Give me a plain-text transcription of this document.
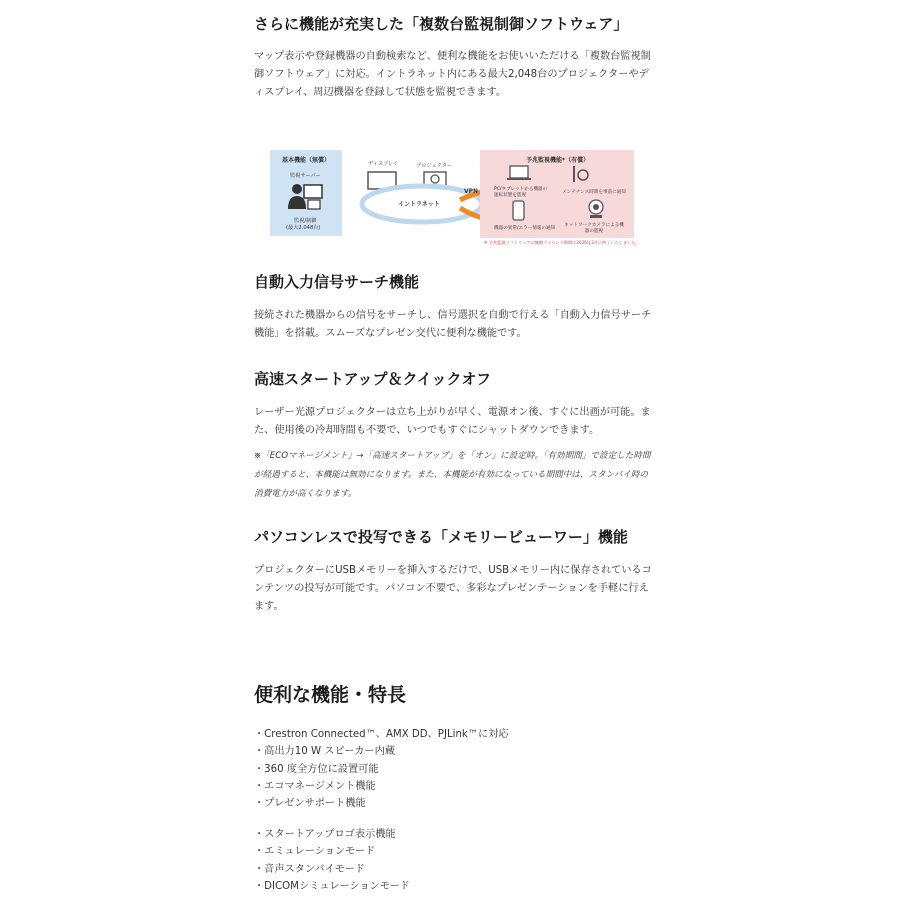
さらに機能が充実した「複数台監視制御ソフトウェア」

マップ表示や登録機器の自動検索など、便利な機能をお使いいただける「複数台監視制御ソフトウェア」に対応。イントラネット内にある最大2,048台のプロジェクターやディスプレイ、周辺機器を登録して状態を監視できます。

基本機能（無償）
監視サーバー
監視/制御
(最大2,048台)
ディスプレイ	プロジェクター
イントラネット
VPN
予兆監視機能*（有償）
PC/タブレットから機器の運転状態を監視
メンテナンス時期を事前に通知
機器の異常/エラー情報の通知
ネットワークカメラによる機器の監視
※ 予兆監視ソフトウェアの無償ライセンス期間は2026年3月に終了いたしました。
自動入力信号サーチ機能

接続された機器からの信号をサーチし、信号選択を自動で行える「自動入力信号サーチ機能」を搭載。スムーズなプレゼン交代に便利な機能です。

高速スタートアップ＆クイックオフ

レーザー光源プロジェクターは立ち上がりが早く、電源オン後、すぐに出画が可能。また、使用後の冷却時間も不要で、いつでもすぐにシャットダウンできます。

※「ECOマネージメント」→「高速スタートアップ」を「オン」に設定時。「有効期間」で設定した時間が経過すると、本機能は無効になります。また、本機能が有効になっている期間中は、スタンバイ時の消費電力が高くなります。

パソコンレスで投写できる「メモリービューワー」機能

プロジェクターにUSBメモリーを挿入するだけで、USBメモリー内に保存されているコンテンツの投写が可能です。パソコン不要で、多彩なプレゼンテーションを手軽に行えます。

便利な機能・特長
・Crestron Connected™、AMX DD、PJLink™に対応
・高出力10 W スピーカー内蔵
・360 度全方位に設置可能
・エコマネージメント機能
・プレゼンサポート機能
・スタートアップロゴ表示機能
・エミュレーションモード
・音声スタンバイモード
・DICOMシミュレーションモード
